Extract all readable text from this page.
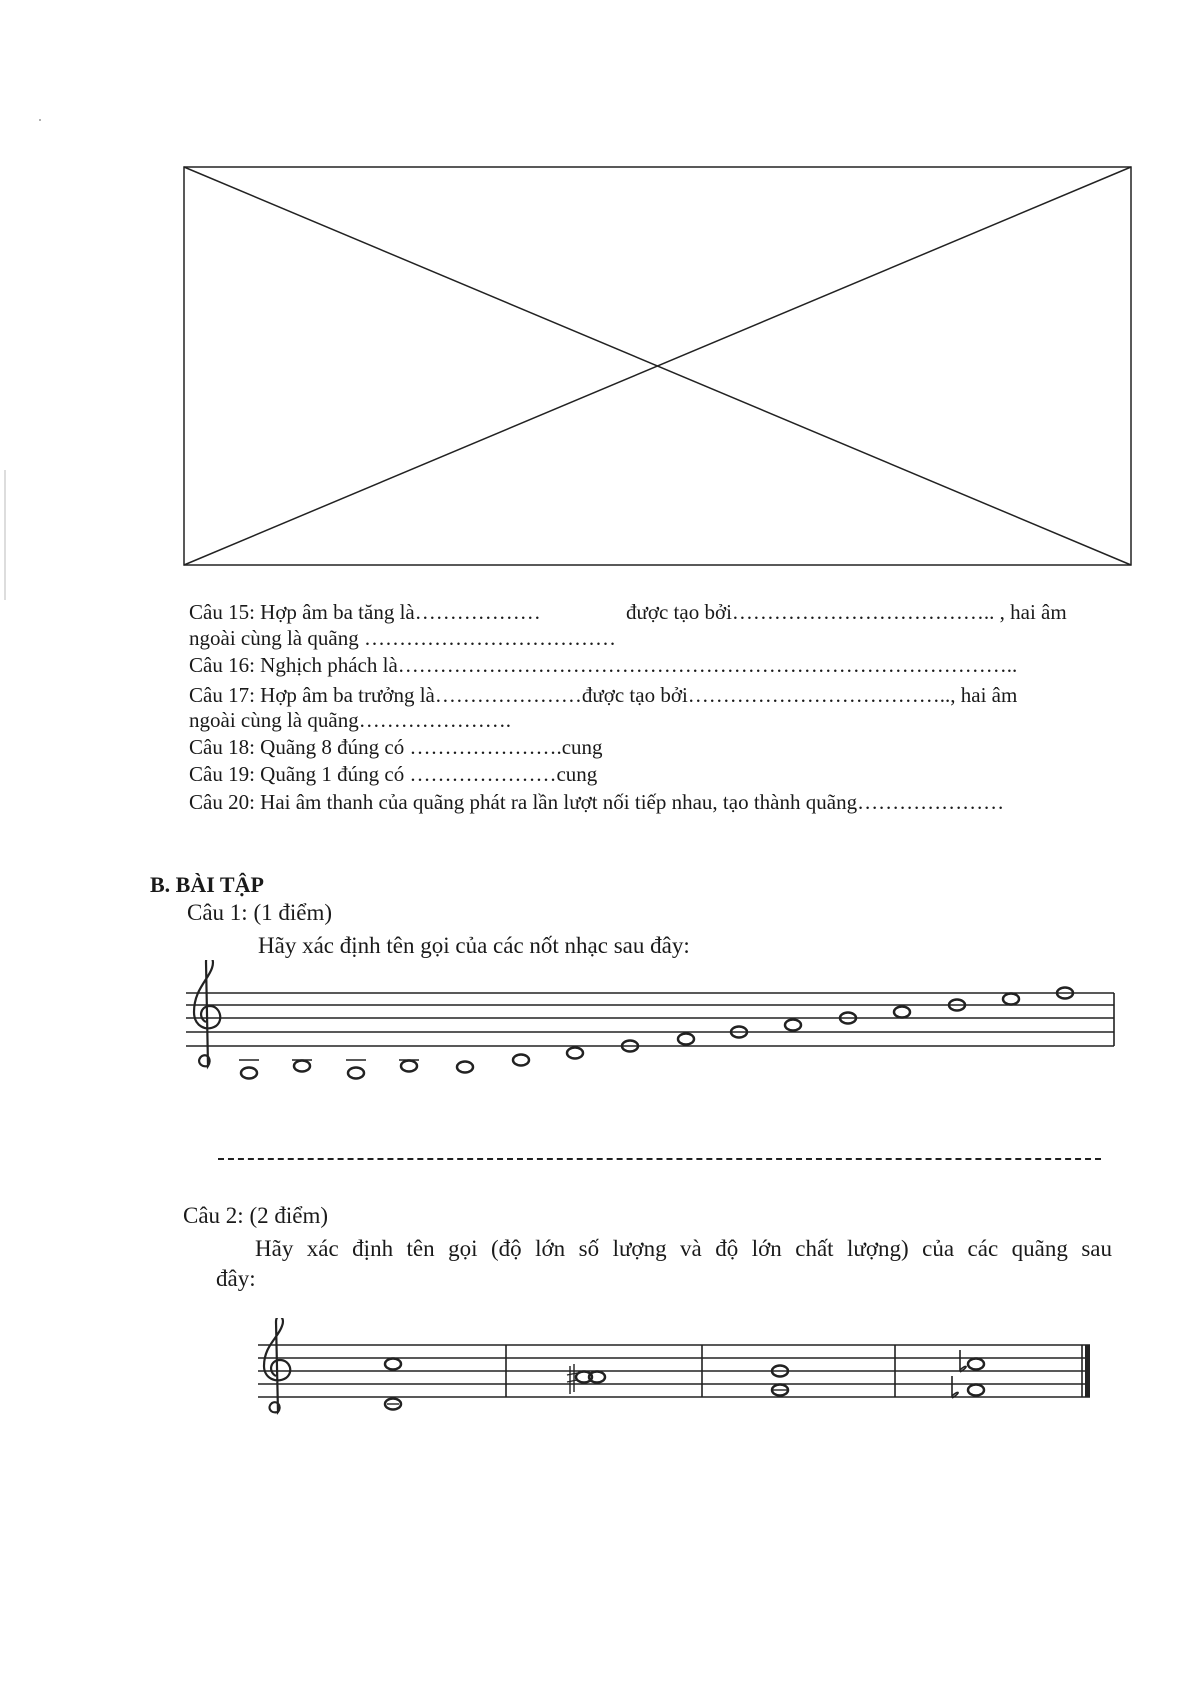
Câu 15: Hợp âm ba tăng là………………	được tạo bởi……………………………….. , hai âm
ngoài cùng là quãng ………………………………
Câu 16: Nghịch phách là……………………………………………………………………………..
Câu 17: Hợp âm ba trưởng là…………………được tạo bởi……………………………….., hai âm
ngoài cùng là quãng………………….
Câu 18: Quãng 8 đúng có ………………….cung
Câu 19: Quãng 1 đúng có …………………cung
Câu 20: Hai âm thanh của quãng phát ra lần lượt nối tiếp nhau, tạo thành quãng…………………
B. BÀI TẬP
Câu 1: (1 điểm)
Hãy xác định tên gọi của các nốt nhạc sau đây:
Câu 2: (2 điểm)
Hãy xác định tên gọi (độ lớn số lượng và độ lớn chất lượng) của các quãng sau
đây:
